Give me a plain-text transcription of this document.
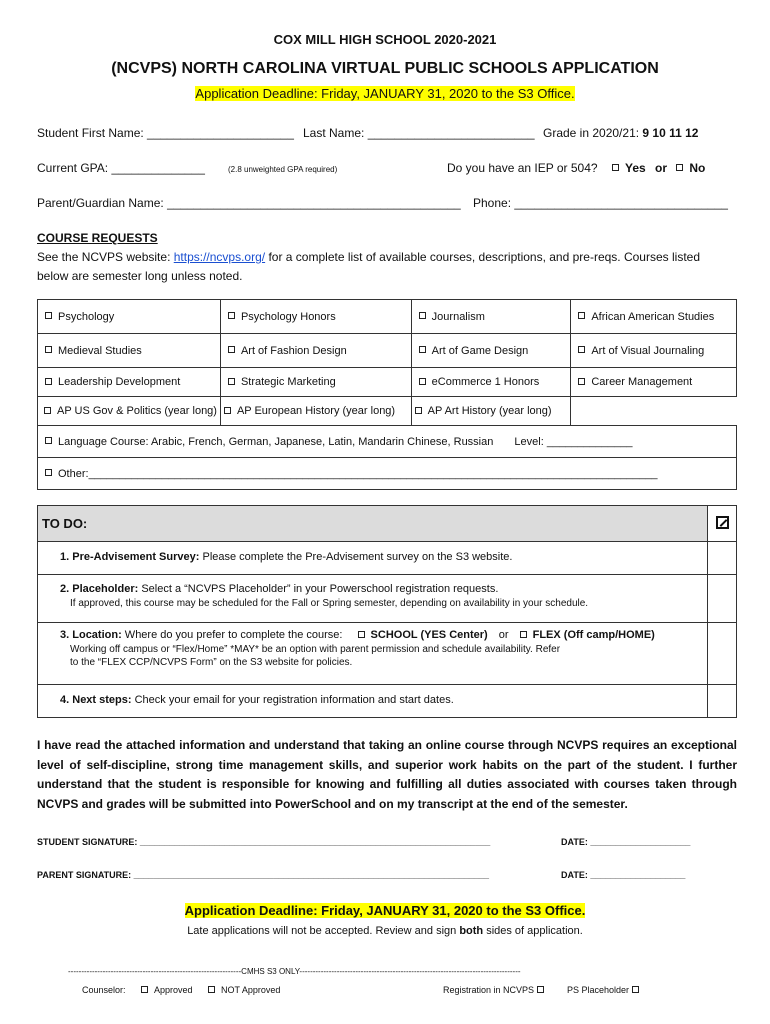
COX MILL HIGH SCHOOL 2020-2021
(NCVPS) NORTH CAROLINA VIRTUAL PUBLIC SCHOOLS APPLICATION
Application Deadline: Friday, JANUARY 31, 2020 to the S3 Office.
Student First Name: ______________________ Last Name: _________________________ Grade in 2020/21: 9 10 11 12
Current GPA: ______________	(2.8 unweighted GPA required)	Do you have an IEP or 504?	Yes or No
Parent/Guardian Name: ____________________________________________ Phone: ________________________________
COURSE REQUESTS
See the NCVPS website: https://ncvps.org/ for a complete list of available courses, descriptions, and pre-reqs. Courses listed
below are semester long unless noted.
Psychology	Psychology Honors	Journalism	African American Studies
Medieval Studies	Art of Fashion Design	Art of Game Design	Art of Visual Journaling
Leadership Development	Strategic Marketing	eCommerce 1 Honors	Career Management
AP US Gov & Politics (year long)	AP European History (year long)	AP Art History (year long)	
Language Course: Arabic, French, German, Japanese, Latin, Mandarin Chinese, Russian Level: ______________			
Other:_____________________________________________________________________________________________			
TO DO:	
1. Pre-Advisement Survey: Please complete the Pre-Advisement survey on the S3 website.	
2. Placeholder: Select a “NCVPS Placeholder” in your Powerschool registration requests.
If approved, this course may be scheduled for the Fall or Spring semester, depending on availability in your schedule.	
3. Location: Where do you prefer to complete the course: SCHOOL (YES Center) or FLEX (Off camp/HOME)
Working off campus or “Flex/Home” *MAY* be an option with parent permission and schedule availability. Refer
to the “FLEX CCP/NCVPS Form” on the S3 website for policies.	
4. Next steps: Check your email for your registration information and start dates.	
I have read the attached information and understand that taking an online course through NCVPS requires an exceptional level of self-discipline, strong time management skills, and superior work habits on the part of the student. I further understand that the student is responsible for knowing and fulfilling all duties associated with courses taken through NCVPS and grades will be submitted into PowerSchool and on my transcript at the end of the semester.
STUDENT SIGNATURE: ______________________________________________________________________	DATE: ____________________
PARENT SIGNATURE: _______________________________________________________________________	DATE: ___________________
Application Deadline: Friday, JANUARY 31, 2020 to the S3 Office.
Late applications will not be accepted. Review and sign both sides of application.
-----------------------------------------------------------------CMHS S3 ONLY-----------------------------------------------------------------------------------
Counselor:	Approved	NOT Approved	Registration in NCVPS	PS Placeholder
